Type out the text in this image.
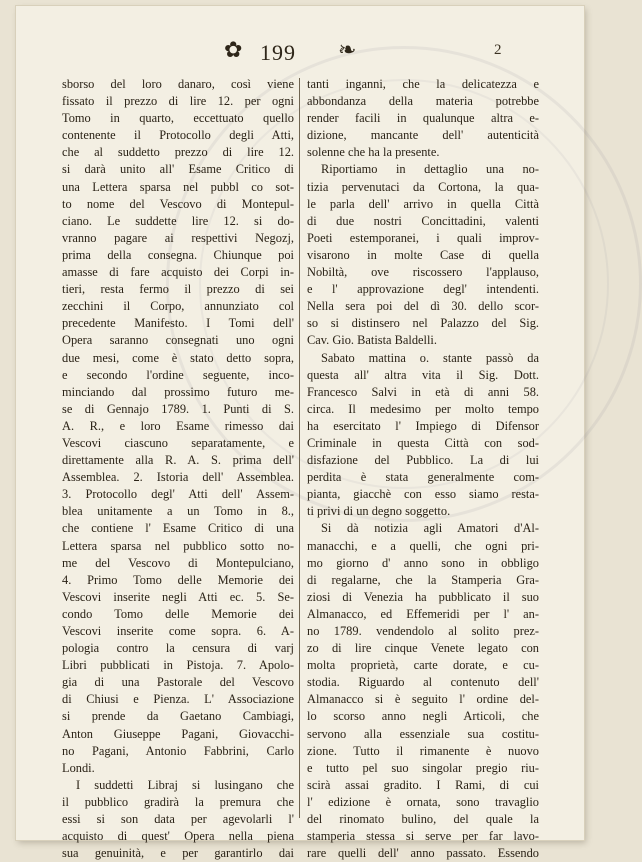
✿ 199 ❧	2
sborso del loro danaro, così viene
fissato il prezzo di lire 12. per ogni
Tomo in quarto, eccettuato quello
contenente il Protocollo degli Atti,
che al suddetto prezzo di lire 12.
si darà unito all' Esame Critico di
una Lettera sparsa nel pubbl co sot-
to nome del Vescovo di Montepul-
ciano. Le suddette lire 12. si do-
vranno pagare ai respettivi Negozj,
prima della consegna. Chiunque poi
amasse di fare acquisto dei Corpi in-
tieri, resta fermo il prezzo di sei
zecchini il Corpo, annunziato col
precedente Manifesto. I Tomi dell'
Opera saranno consegnati uno ogni
due mesi, come è stato detto sopra,
e secondo l'ordine seguente, inco-
minciando dal prossimo futuro me-
se di Gennajo 1789. 1. Punti di S.
A. R., e loro Esame rimesso dai
Vescovi ciascuno separatamente, e
direttamente alla R. A. S. prima dell'
Assemblea. 2. Istoria dell' Assemblea.
3. Protocollo degl' Atti dell' Assem-
blea unitamente a un Tomo in 8.,
che contiene l' Esame Critico di una
Lettera sparsa nel pubblico sotto no-
me del Vescovo di Montepulciano,
4. Primo Tomo delle Memorie dei
Vescovi inserite negli Atti ec. 5. Se-
condo Tomo delle Memorie dei
Vescovi inserite come sopra. 6. A-
pologia contro la censura di varj
Libri pubblicati in Pistoja. 7. Apolo-
gia di una Pastorale del Vescovo
di Chiusi e Pienza. L' Associazione
si prende da Gaetano Cambiagi,
Anton Giuseppe Pagani, Giovacchi-
no Pagani, Antonio Fabbrini, Carlo
Londi.
I suddetti Libraj si lusingano che
il pubblico gradirà la premura che
essi si son data per agevolarli l'
acquisto di quest' Opera nella piena
sua genuinità, e per garantirlo dai
tanti inganni, che la delicatezza e
abbondanza della materia potrebbe
render facili in qualunque altra e-
dizione, mancante dell' autenticità
solenne che ha la presente.
Riportiamo in dettaglio una no-
tizia pervenutaci da Cortona, la qua-
le parla dell' arrivo in quella Città
di due nostri Concittadini, valenti
Poeti estemporanei, i quali improv-
visarono in molte Case di quella
Nobiltà, ove riscossero l'applauso,
e l' approvazione degl' intendenti.
Nella sera poi del dì 30. dello scor-
so si distinsero nel Palazzo del Sig.
Cav. Gio. Batista Baldelli.
Sabato mattina o. stante passò da
questa all' altra vita il Sig. Dott.
Francesco Salvi in età di anni 58.
circa. Il medesimo per molto tempo
ha esercitato l' Impiego di Difensor
Criminale in questa Città con sod-
disfazione del Pubblico. La di lui
perdita è stata generalmente com-
pianta, giacchè con esso siamo resta-
ti privi di un degno soggetto.
Si dà notizia agli Amatori d'Al-
manacchi, e a quelli, che ogni pri-
mo giorno d' anno sono in obbligo
di regalarne, che la Stamperia Gra-
ziosi di Venezia ha pubblicato il suo
Almanacco, ed Effemeridi per l' an-
no 1789. vendendolo al solito prez-
zo di lire cinque Venete legato con
molta proprietà, carte dorate, e cu-
stodia. Riguardo al contenuto dell'
Almanacco si è seguito l' ordine del-
lo scorso anno negli Articoli, che
servono alla essenziale sua costitu-
zione. Tutto il rimanente è nuovo
e tutto pel suo singolar pregio riu-
scirà assai gradito. I Rami, di cui
l' edizione è ornata, sono travaglio
del rinomato bulino, del quale la
stamperia stessa si serve per far lavo-
rare quelli dell' anno passato. Essendo
